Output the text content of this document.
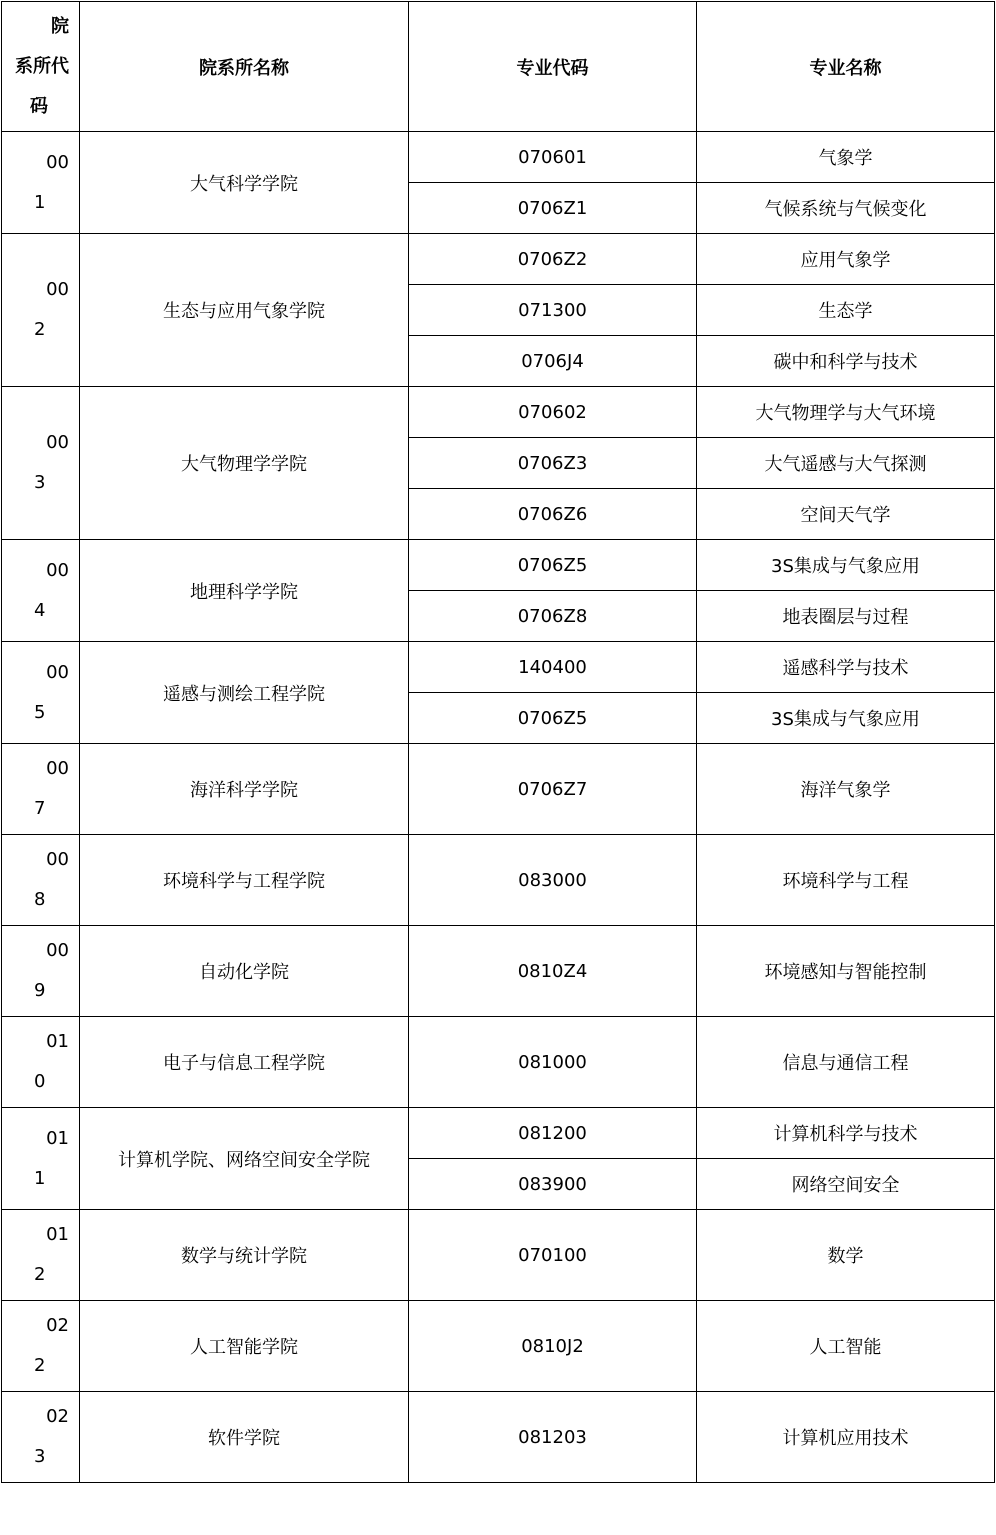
院
系所代
码	院系所名称	专业代码	专业名称

00
1	大气科学学院	070601	气象学
		0706Z1	气候系统与气候变化

00
2	生态与应用气象学院	0706Z2	应用气象学
		071300	生态学
		0706J4	碳中和科学与技术

00
3	大气物理学学院	070602	大气物理学与大气环境
		0706Z3	大气遥感与大气探测
		0706Z6	空间天气学

00
4	地理科学学院	0706Z5	3S集成与气象应用
		0706Z8	地表圈层与过程

00
5	遥感与测绘工程学院	140400	遥感科学与技术
		0706Z5	3S集成与气象应用

00
7	海洋科学学院	0706Z7	海洋气象学

00
8	环境科学与工程学院	083000	环境科学与工程

00
9	自动化学院	0810Z4	环境感知与智能控制

01
0	电子与信息工程学院	081000	信息与通信工程

01
1	计算机学院、网络空间安全学院	081200	计算机科学与技术
		083900	网络空间安全

01
2	数学与统计学院	070100	数学

02
2	人工智能学院	0810J2	人工智能

02
3	软件学院	081203	计算机应用技术
